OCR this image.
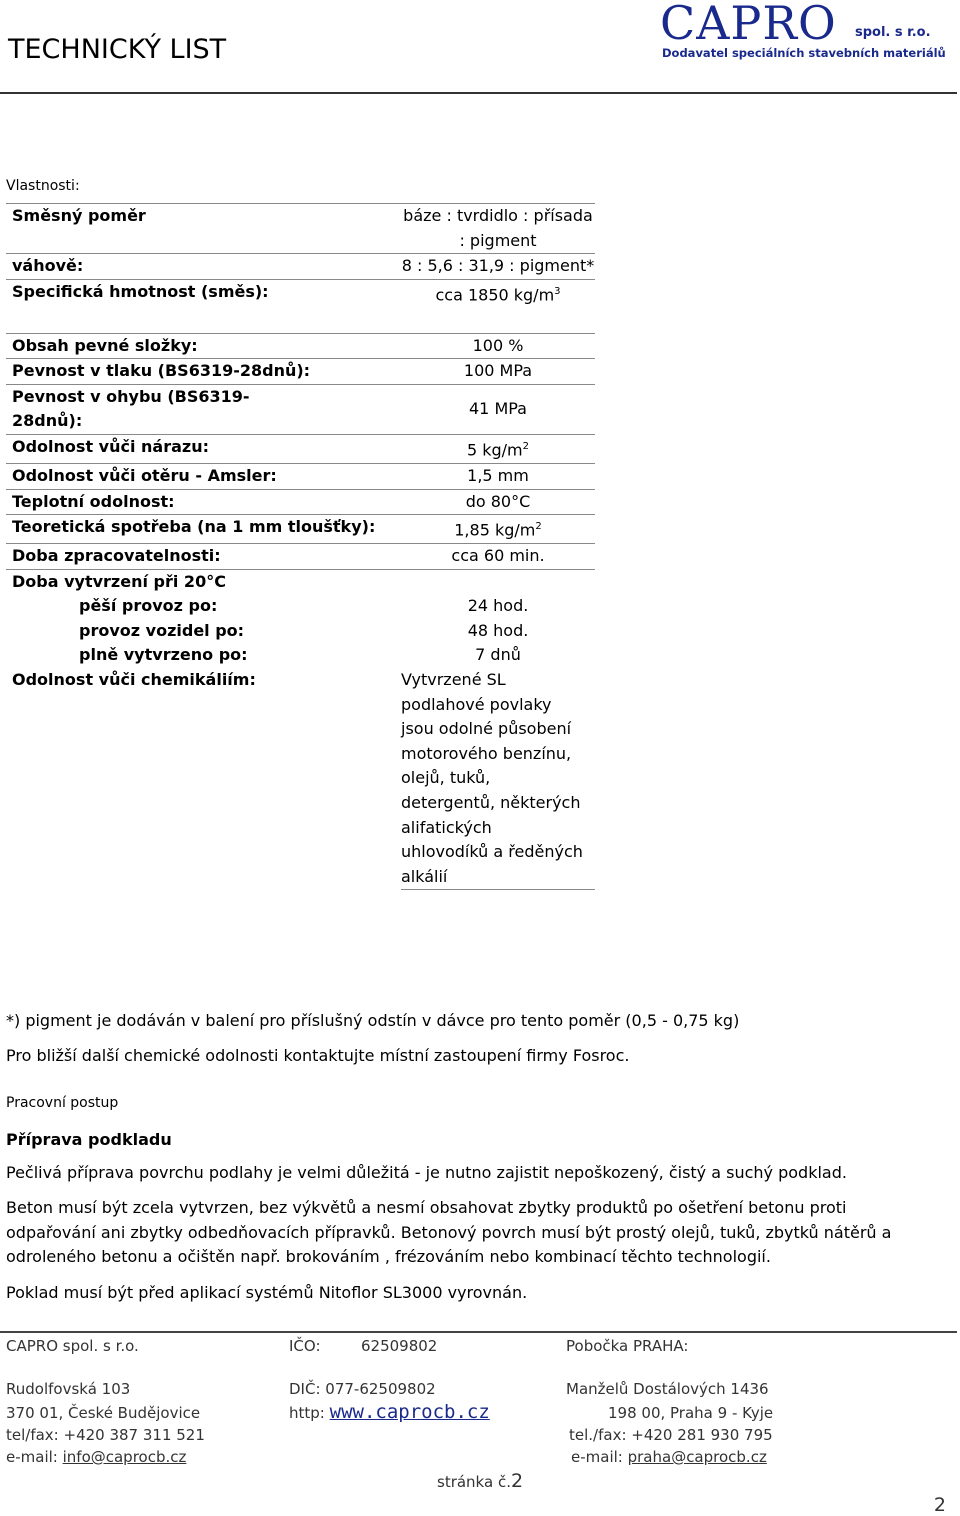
TECHNICKÝ LIST	CAPRO spol. s r.o.
Dodavatel speciálních stavebních materiálů
Vlastnosti:
Směsný poměr	báze : tvrdidlo : přísada : pigment
váhově:	8 : 5,6 : 31,9 : pigment*
Specifická hmotnost (směs):	cca 1850 $kg/m^3$

Obsah pevné složky:	100 %
Pevnost v tlaku (BS6319-28dnů):	100 MPa
Pevnost v ohybu (BS6319-28dnů):	41 MPa
Odolnost vůči nárazu:	5 $kg/m^2$
Odolnost vůči otěru - Amsler:	1,5 mm
Teplotní odolnost:	do 80°C
Teoretická spotřeba (na 1 mm tloušťky):	1,85 $kg/m^2$
Doba zpracovatelnosti:	cca 60 min.
Doba vytvrzení při 20°C	
pěší provoz po:	24 hod.
provoz vozidel po:	48 hod.
plně vytvrzeno po:	7 dnů
Odolnost vůči chemikáliím:	Vytvrzené SL podlahové povlaky jsou odolné působení motorového benzínu, olejů, tuků, detergentů, některých alifatických uhlovodíků a ředěných alkálií
*) pigment je dodáván v balení pro příslušný odstín v dávce pro tento poměr (0,5 - 0,75 kg)
Pro bližší další chemické odolnosti kontaktujte místní zastoupení firmy Fosroc.
Pracovní postup
Příprava podkladu
Pečlivá příprava povrchu podlahy je velmi důležitá - je nutno zajistit nepoškozený, čistý a suchý podklad.
Beton musí být zcela vytvrzen, bez výkvětů a nesmí obsahovat zbytky produktů po ošetření betonu proti odpařování ani zbytky odbedňovacích přípravků. Betonový povrch musí být prostý olejů, tuků, zbytků nátěrů a odroleného betonu a očištěn např. brokováním , frézováním nebo kombinací těchto technologií.
Poklad musí být před aplikací systémů Nitoflor SL3000 vyrovnán.
CAPRO spol. s r.o.
Rudolfovská 103
370 01, České Budějovice
tel/fax: +420 387 311 521
e-mail: info@caprocb.cz
IČO:	62509802
DIČ: 077-62509802
http: www.caprocb.cz
stránka č.2
Pobočka PRAHA:
Manželů Dostálových 1436
198 00, Praha 9 - Kyje
tel./fax: +420 281 930 795
e-mail: praha@caprocb.cz
2
